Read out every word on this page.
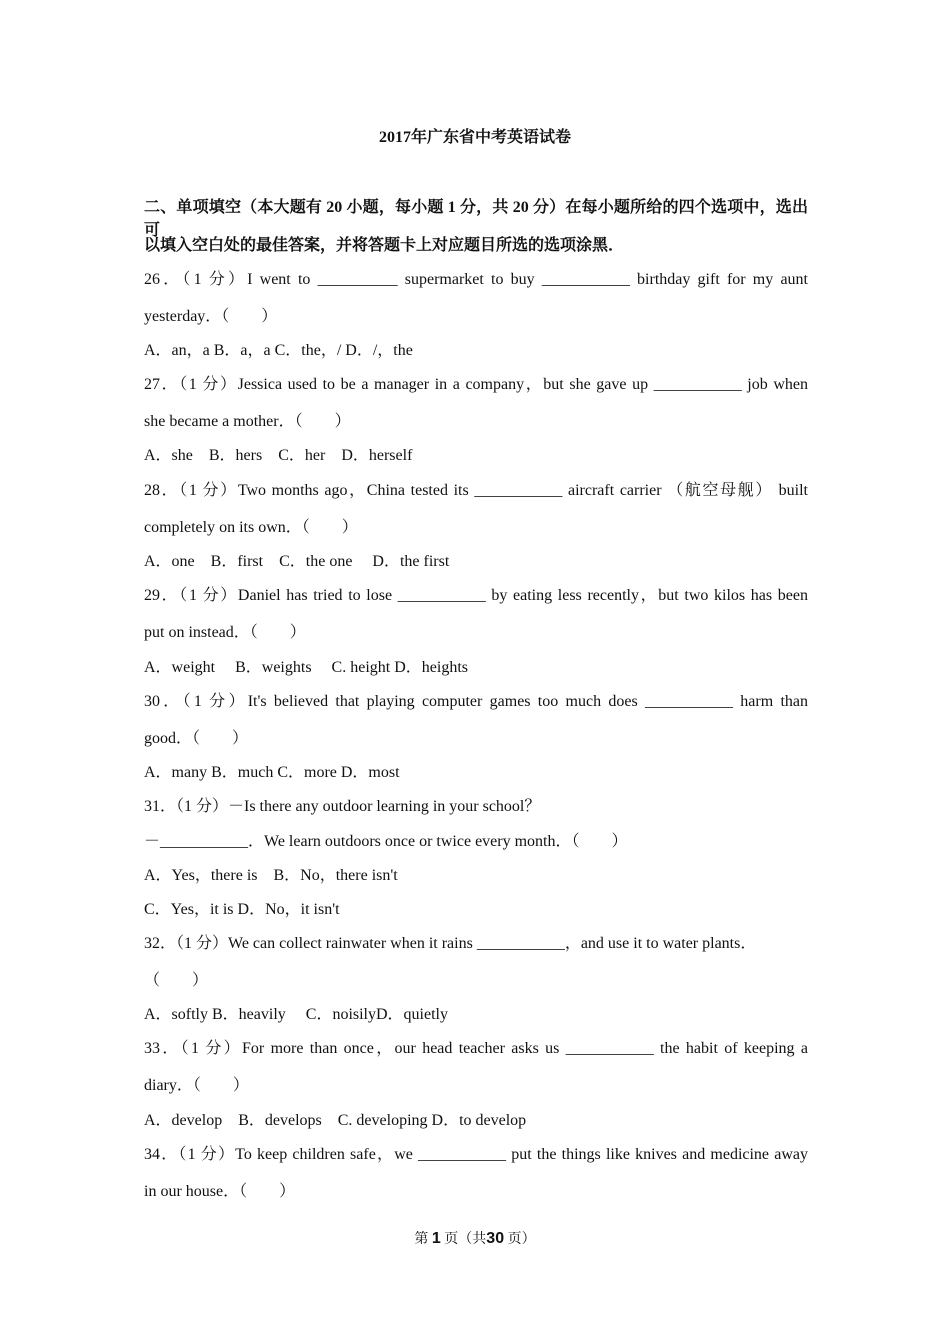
2017年广东省中考英语试卷
二、单项填空（本大题有 20 小题，每小题 1 分，共 20 分）在每小题所给的四个选项中，选出可
以填入空白处的最佳答案，并将答题卡上对应题目所选的选项涂黑．
26．（1 分）I went to __________ supermarket to buy ___________ birthday gift for my aunt
yesterday．（　　）
A．an，a B．a，a C．the，/ D．/，the
27．（1 分）Jessica used to be a manager in a company，but she gave up ___________ job when
she became a mother．（　　）
A．she　B．hers　C．her　D．herself
28．（1 分）Two months ago，China tested its ___________ aircraft carrier （航空母舰） built
completely on its own．（　　）
A．one　B．first　C．the one　 D．the first
29．（1 分）Daniel has tried to lose ___________ by eating less recently，but two kilos has been
put on instead．（　　）
A．weight　 B．weights　 C. height D．heights
30．（1 分）It's believed that playing computer games too much does ___________ harm than
good．（　　）
A．many B．much C．more D．most
31．（1 分）－Is there any outdoor learning in your school？
－___________．We learn outdoors once or twice every month．（　　）
A．Yes，there is　B．No，there isn't
C．Yes，it is D．No，it isn't
32．（1 分）We can collect rainwater when it rains ___________，and use it to water plants．
（　　）
A．softly B．heavily　 C．noisilyD．quietly
33．（1 分）For more than once，our head teacher asks us ___________ the habit of keeping a
diary．（　　）
A．develop　B．develops　C. developing D．to develop
34．（1 分）To keep children safe，we ___________ put the things like knives and medicine away
in our house．（　　）
第 1 页（共30 页）
